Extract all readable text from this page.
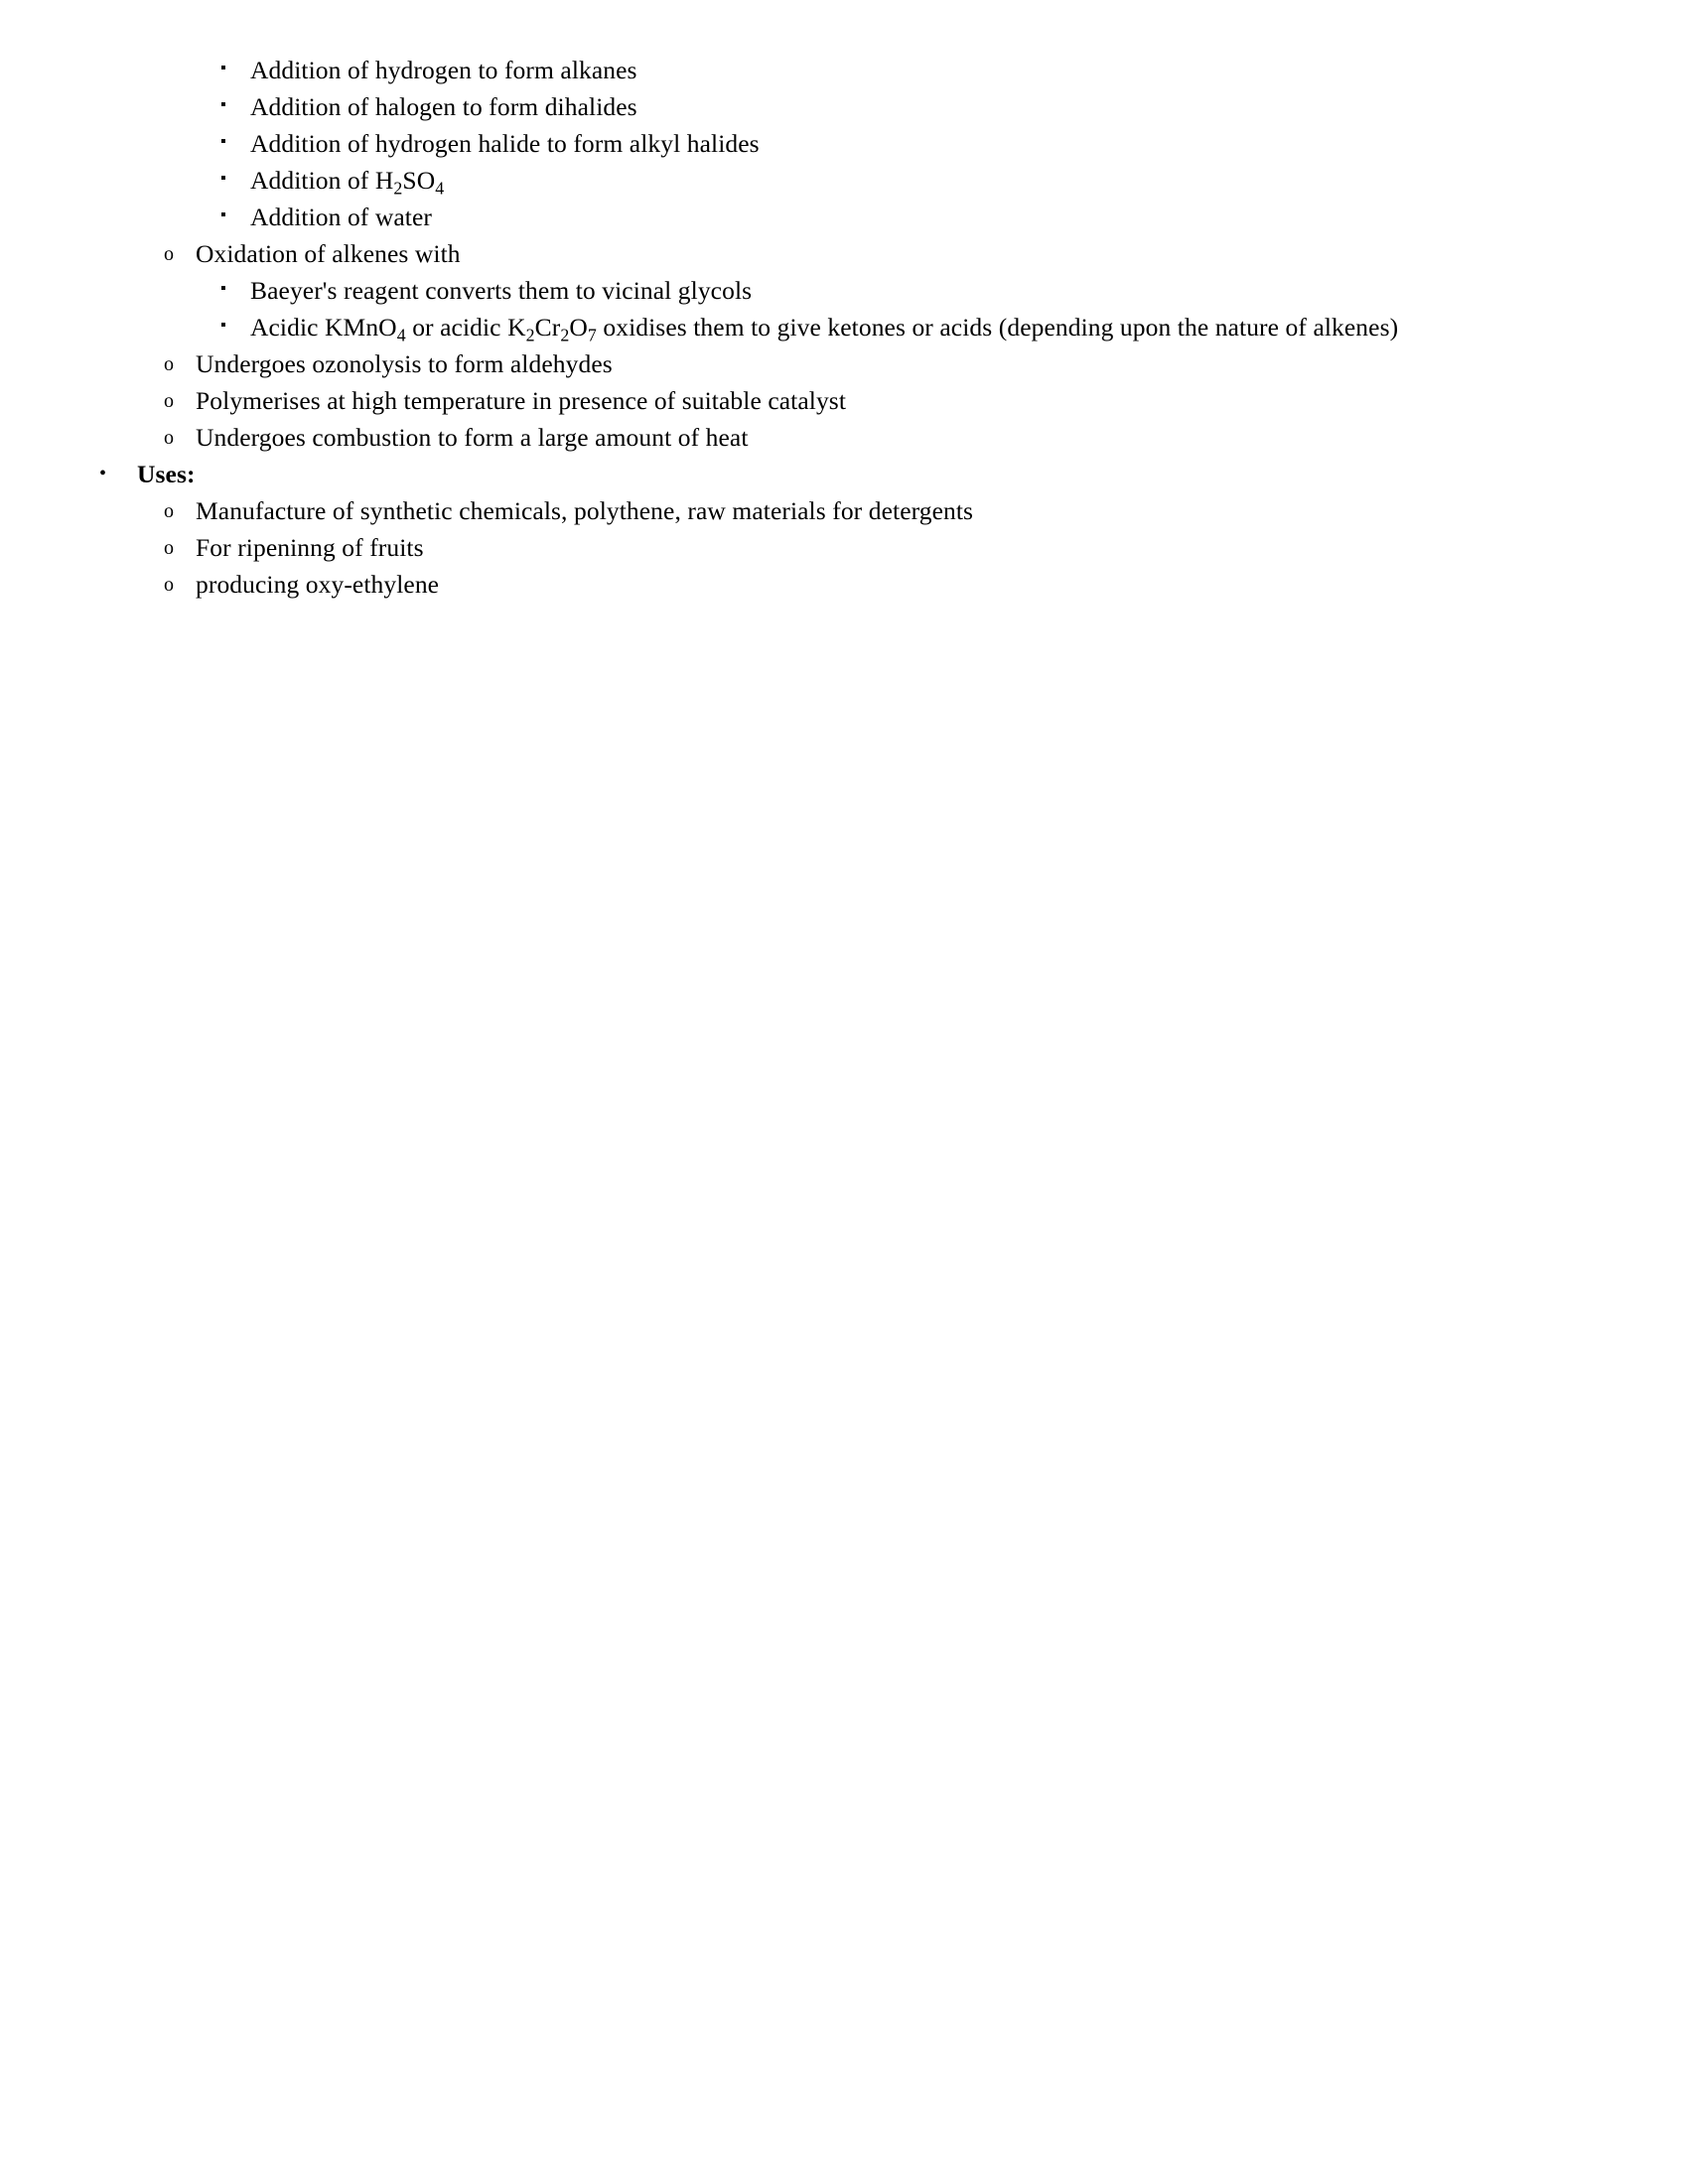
▪ Addition of hydrogen to form alkanes
▪ Addition of halogen to form dihalides
▪ Addition of hydrogen halide to form alkyl halides
▪ Addition of $H_2SO_4$
▪ Addition of water
o Oxidation of alkenes with
▪ Baeyer's reagent converts them to vicinal glycols
▪ Acidic KMnO$_4$ or acidic $K_2Cr_2O_7$ oxidises them to give ketones or acids (depending upon the nature of alkenes)
o Undergoes ozonolysis to form aldehydes
o Polymerises at high temperature in presence of suitable catalyst
o Undergoes combustion to form a large amount of heat
•	Uses:
o Manufacture of synthetic chemicals, polythene, raw materials for detergents
o For ripeninng of fruits
o producing oxy-ethylene
